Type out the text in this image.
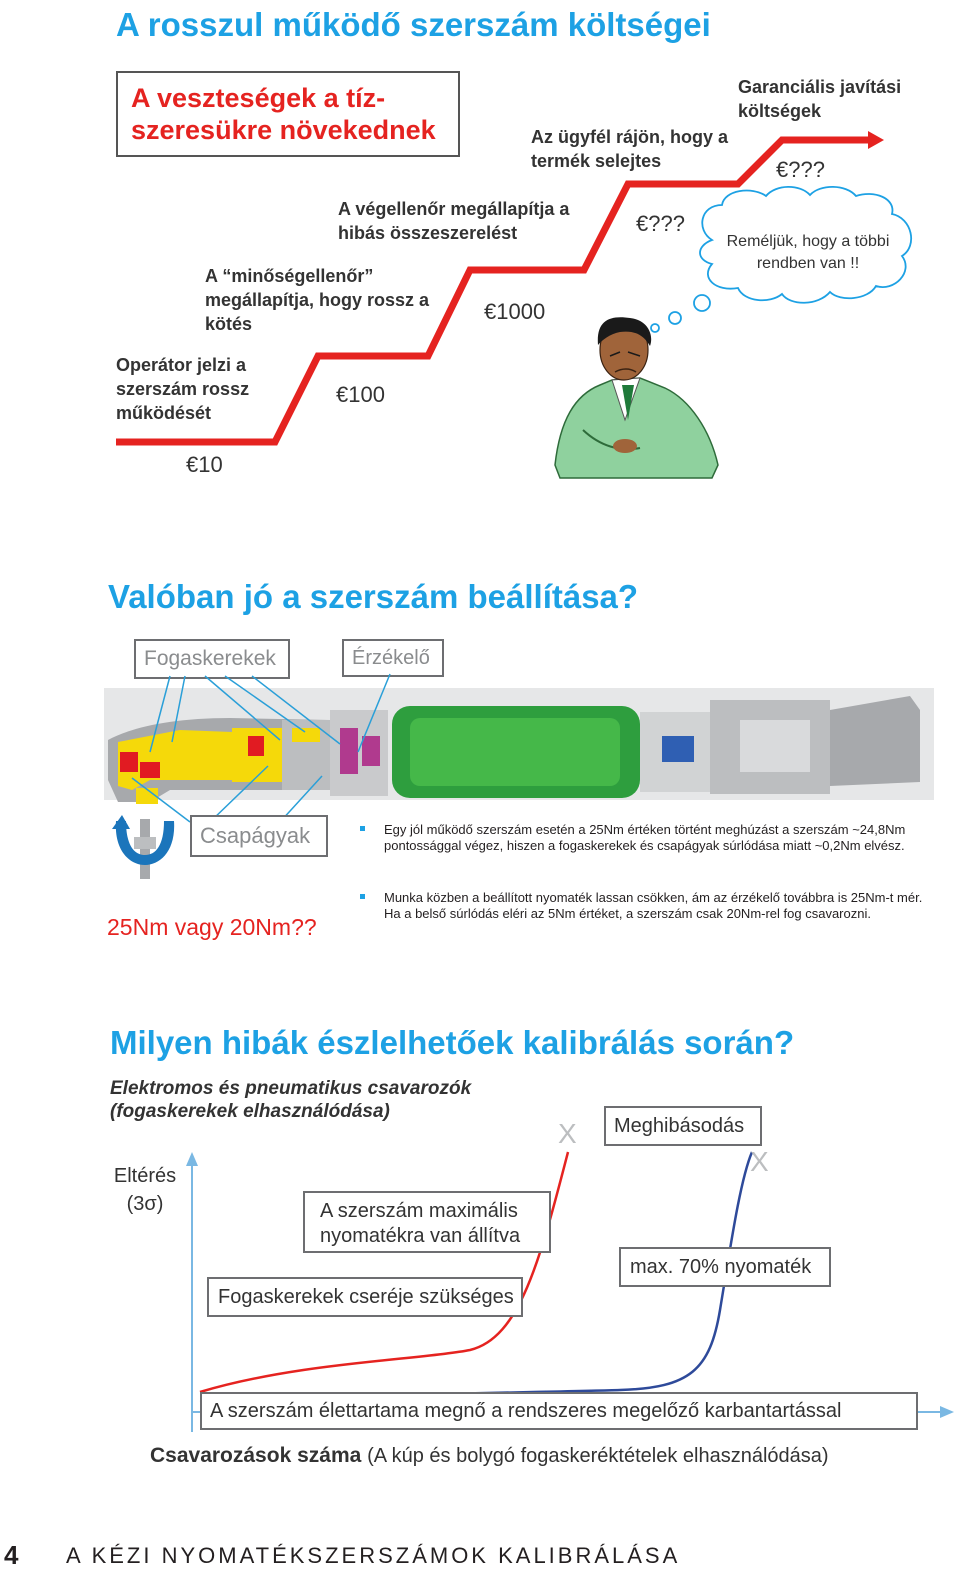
A rosszul működő szerszám költségei
A veszteségek a tíz-szeresükre növekednek
Operátor jelzi a szerszám rossz működését
€10
A “minőségellenőr” megállapítja, hogy rossz a kötés
€100
A végellenőr megállapítja a hibás összeszerelést
€1000
Az ügyfél rájön, hogy a termék selejtes
€???
Garanciális javítási költségek
€???
Reméljük, hogy a többi rendben van !!
Valóban jó a szerszám beállítása?
Fogaskerekek	Érzékelő
Csapágyak
25Nm vagy 20Nm??
Egy jól működő szerszám esetén a 25Nm értéken történt meghúzást a szerszám ~24,8Nm pontossággal végez, hiszen a fogaskerekek és csapágyak súrlódása miatt ~0,2Nm elvész.
Munka közben a beállított nyomaték lassan csökken, ám az érzékelő továbbra is 25Nm-t mér. Ha a belső súrlódás eléri az 5Nm értéket, a szerszám csak 20Nm-rel fog csavarozni.
Milyen hibák észlelhetőek kalibrálás során?
Elektromos és pneumatikus csavarozók (fogaskerekek elhasználódása)
Eltérés (3σ)
X
X
Meghibásodás
A szerszám maximális nyomatékra van állítva
Fogaskerekek cseréje szükséges
max. 70% nyomaték
A szerszám élettartama megnő a rendszeres megelőző karbantartással
Csavarozások száma (A kúp és bolygó fogaskeréktételek elhasználódása)
4 A KÉZI NYOMATÉKSZERSZÁMOK KALIBRÁLÁSA
